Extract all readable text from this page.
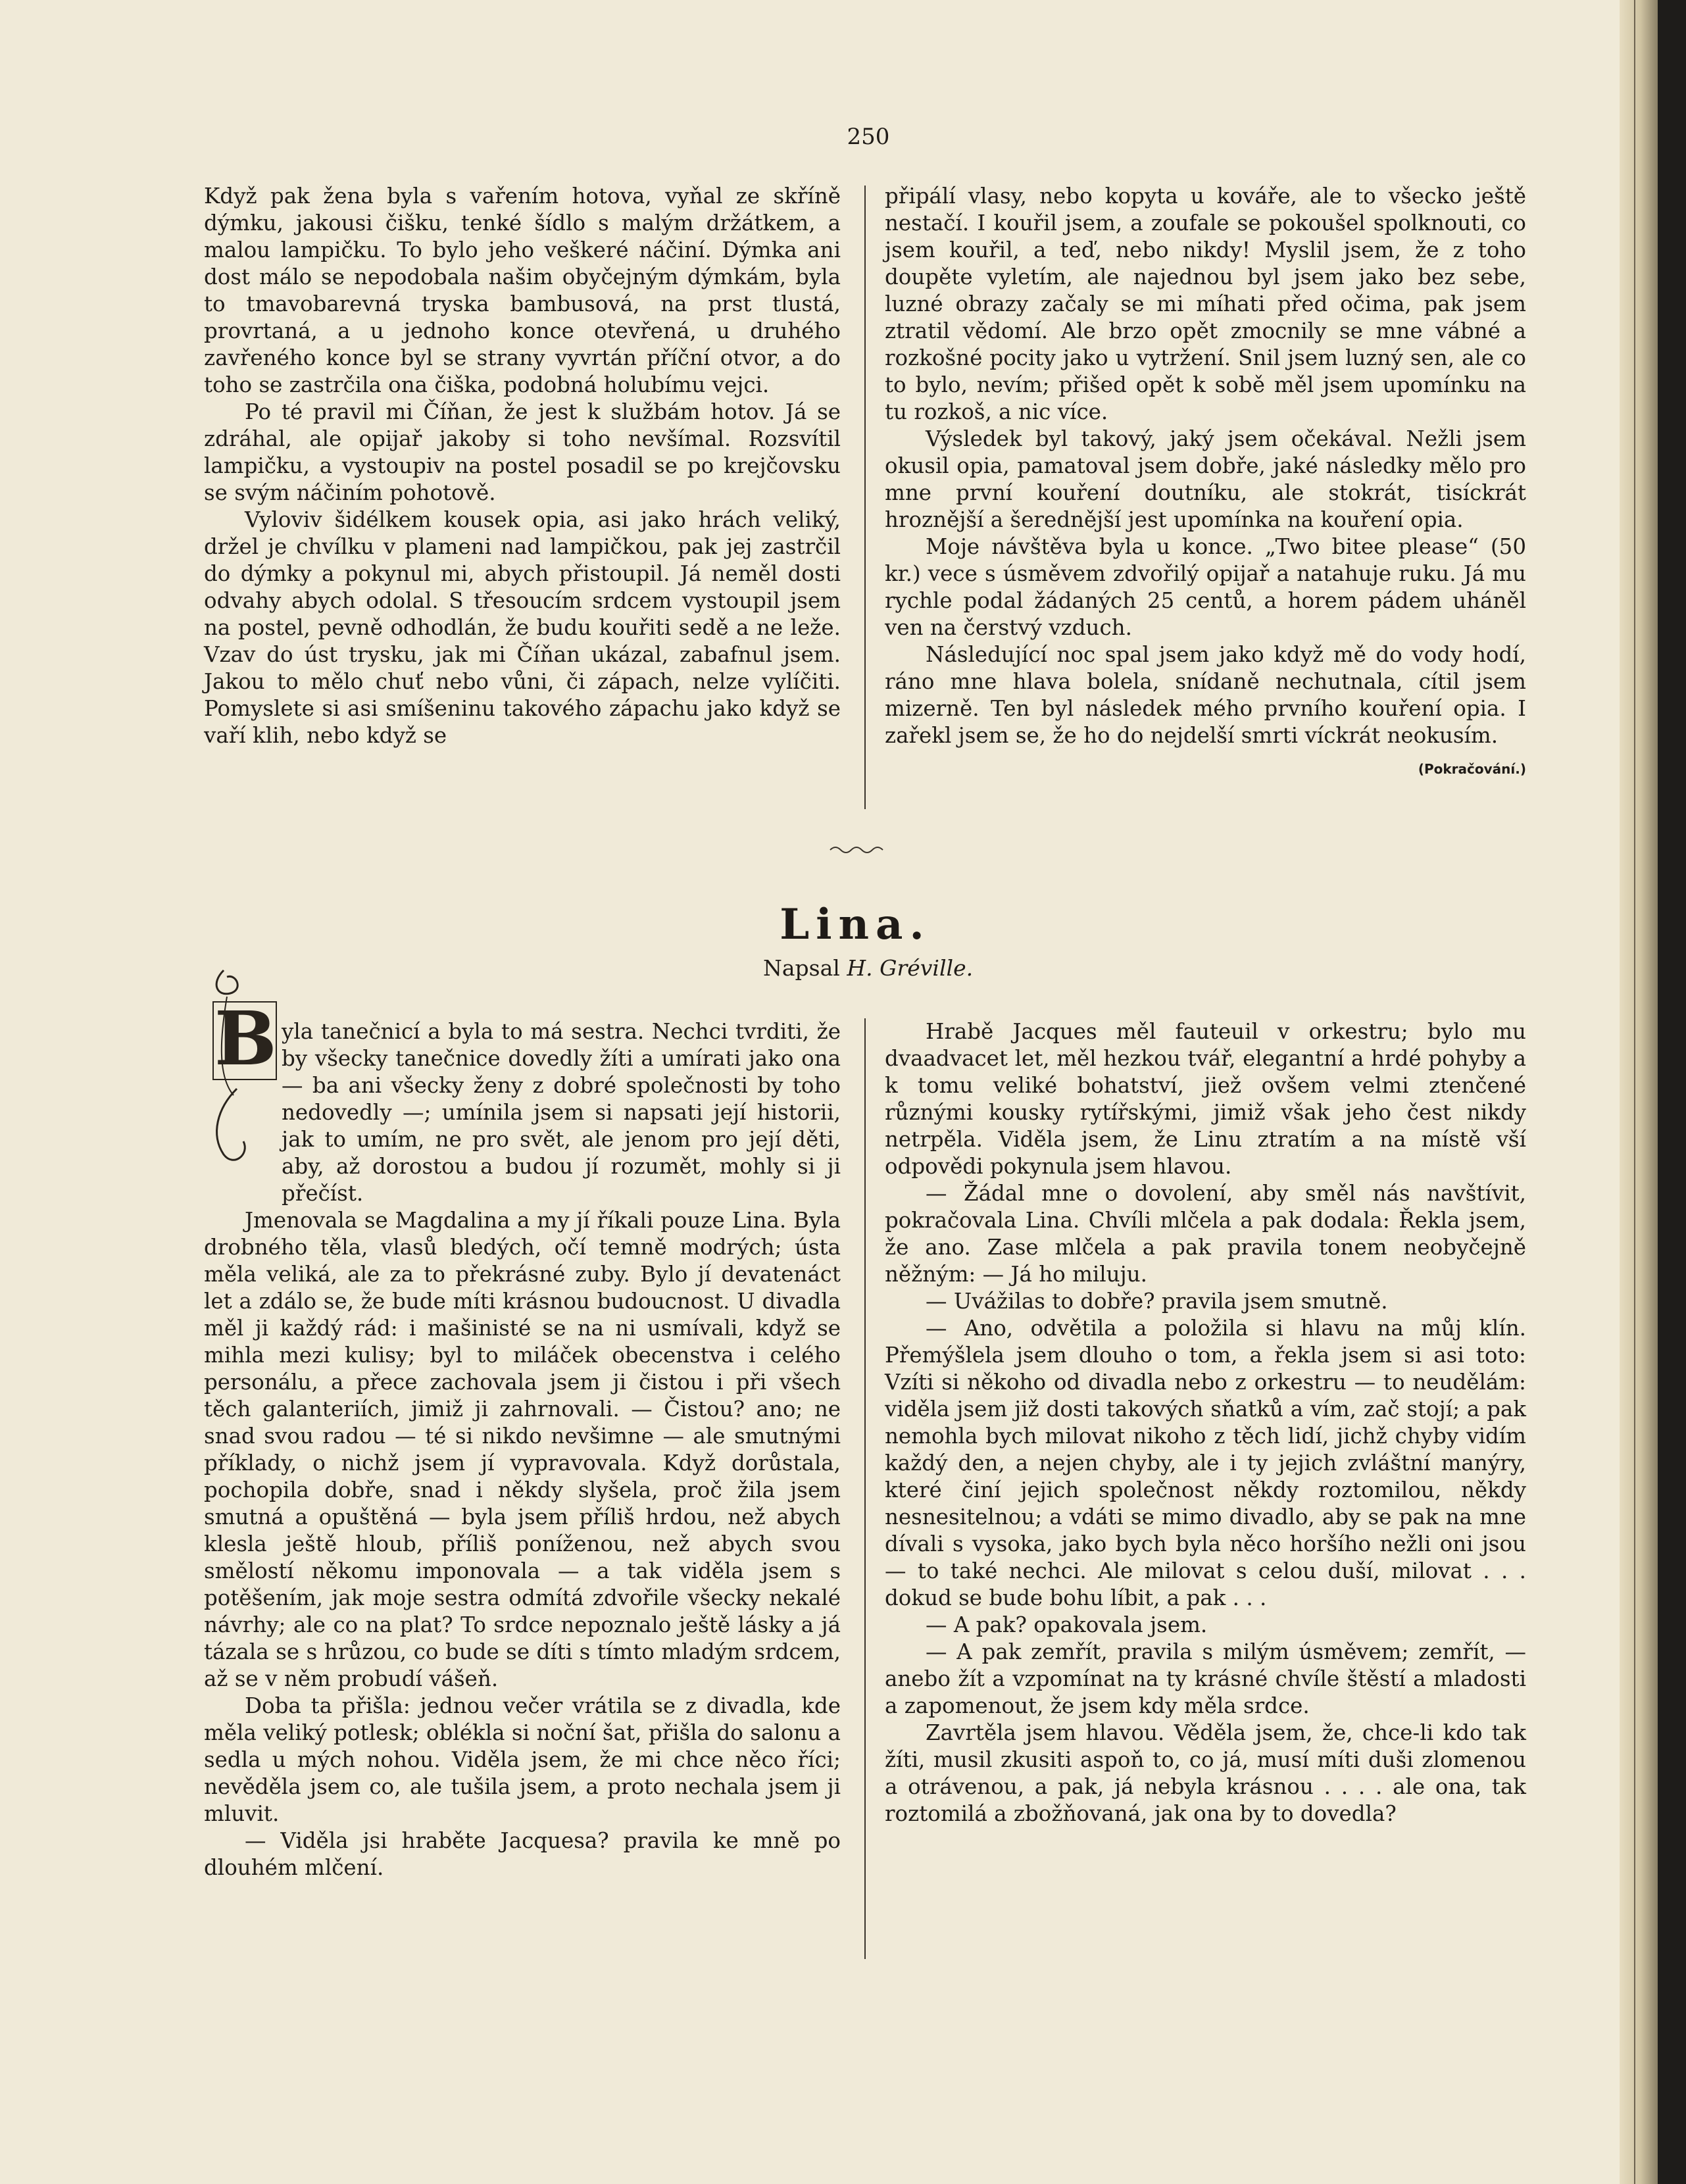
250

Když pak žena byla s vařením hotova, vyňal ze skříně dýmku, jakousi čišku, tenké šídlo s malým držátkem, a malou lampičku. To bylo jeho veškeré náčiní. Dýmka ani dost málo se nepodobala našim obyčejným dýmkám, byla to tmavobarevná tryska bambusová, na prst tlustá, provrtaná, a u jednoho konce otevřená, u druhého zavřeného konce byl se strany vyvrtán příční otvor, a do toho se zastrčila ona čiška, podobná holubímu vejci.

Po té pravil mi Číňan, že jest k službám hotov. Já se zdráhal, ale opijař jakoby si toho nevšímal. Rozsvítil lampičku, a vystoupiv na postel posadil se po krejčovsku se svým náčiním pohotově.

Vyloviv šidélkem kousek opia, asi jako hrách veliký, držel je chvílku v plameni nad lampičkou, pak jej zastrčil do dýmky a pokynul mi, abych přistoupil. Já neměl dosti odvahy abych odolal. S třesoucím srdcem vystoupil jsem na postel, pevně odhodlán, že budu kouřiti sedě a ne leže. Vzav do úst trysku, jak mi Číňan ukázal, zabafnul jsem. Jakou to mělo chuť nebo vůni, či zápach, nelze vylíčiti. Pomyslete si asi smíšeninu takového zápachu jako když se vaří klih, nebo když se

připálí vlasy, nebo kopyta u kováře, ale to všecko ještě nestačí. I kouřil jsem, a zoufale se pokoušel spolknouti, co jsem kouřil, a teď, nebo nikdy! Myslil jsem, že z toho doupěte vyletím, ale najednou byl jsem jako bez sebe, luzné obrazy začaly se mi míhati před očima, pak jsem ztratil vědomí. Ale brzo opět zmocnily se mne vábné a rozkošné pocity jako u vytržení. Snil jsem luzný sen, ale co to bylo, nevím; přišed opět k sobě měl jsem upomínku na tu rozkoš, a nic více.

Výsledek byl takový, jaký jsem očekával. Nežli jsem okusil opia, pamatoval jsem dobře, jaké následky mělo pro mne první kouření doutníku, ale stokrát, tisíckrát hroznější a šerednější jest upomínka na kouření opia.

Moje návštěva byla u konce. „Two bitee please“ (50 kr.) vece s úsměvem zdvořilý opijař a natahuje ruku. Já mu rychle podal žádaných 25 centů, a horem pádem uháněl ven na čerstvý vzduch.

Následující noc spal jsem jako když mě do vody hodí, ráno mne hlava bolela, snídaně nechutnala, cítil jsem mizerně. Ten byl následek mého prvního kouření opia. I zařekl jsem se, že ho do nejdelší smrti víckrát neokusím.
(Pokračování.)

Lina.
Napsal H. Gréville.
B yla tanečnicí a byla to má sestra. Nechci tvrditi, že by všecky tanečnice dovedly žíti a umírati jako ona — ba ani všecky ženy z dobré společnosti by toho nedovedly —; umínila jsem si napsati její historii, jak to umím, ne pro svět, ale jenom pro její děti, aby, až dorostou a budou jí rozumět, mohly si ji přečíst.

Jmenovala se Magdalina a my jí říkali pouze Lina. Byla drobného těla, vlasů bledých, očí temně modrých; ústa měla veliká, ale za to překrásné zuby. Bylo jí devatenáct let a zdálo se, že bude míti krásnou budoucnost. U divadla měl ji každý rád: i mašinisté se na ni usmívali, když se mihla mezi kulisy; byl to miláček obecenstva i celého personálu, a přece zachovala jsem ji čistou i při všech těch galanteriích, jimiž ji zahrnovali. — Čistou? ano; ne snad svou radou — té si nikdo nevšimne — ale smutnými příklady, o nichž jsem jí vypravovala. Když dorůstala, pochopila dobře, snad i někdy slyšela, proč žila jsem smutná a opuštěná — byla jsem příliš hrdou, než abych klesla ještě hloub, příliš poníženou, než abych svou smělostí někomu imponovala — a tak viděla jsem s potěšením, jak moje sestra odmítá zdvořile všecky nekalé návrhy; ale co na plat? To srdce nepoznalo ještě lásky a já tázala se s hrůzou, co bude se díti s tímto mladým srdcem, až se v něm probudí vášeň.

Doba ta přišla: jednou večer vrátila se z divadla, kde měla veliký potlesk; oblékla si noční šat, přišla do salonu a sedla u mých nohou. Viděla jsem, že mi chce něco říci; nevěděla jsem co, ale tušila jsem, a proto nechala jsem ji mluvit.

— Viděla jsi hraběte Jacquesa? pravila ke mně po dlouhém mlčení.

Hrabě Jacques měl fauteuil v orkestru; bylo mu dvaadvacet let, měl hezkou tvář, elegantní a hrdé pohyby a k tomu veliké bohatství, jiež ovšem velmi ztenčené různými kousky rytířskými, jimiž však jeho čest nikdy netrpěla. Viděla jsem, že Linu ztratím a na místě vší odpovědi pokynula jsem hlavou.

— Žádal mne o dovolení, aby směl nás navštívit, pokračovala Lina. Chvíli mlčela a pak dodala: Řekla jsem, že ano. Zase mlčela a pak pravila tonem neobyčejně něžným: — Já ho miluju.

— Uvážilas to dobře? pravila jsem smutně.

— Ano, odvětila a položila si hlavu na můj klín. Přemýšlela jsem dlouho o tom, a řekla jsem si asi toto: Vzíti si někoho od divadla nebo z orkestru — to neudělám: viděla jsem již dosti takových sňatků a vím, zač stojí; a pak nemohla bych milovat nikoho z těch lidí, jichž chyby vidím každý den, a nejen chyby, ale i ty jejich zvláštní manýry, které činí jejich společnost někdy roztomilou, někdy nesnesitelnou; a vdáti se mimo divadlo, aby se pak na mne dívali s vysoka, jako bych byla něco horšího nežli oni jsou — to také nechci. Ale milovat s celou duší, milovat . . . dokud se bude bohu líbit, a pak . . .

— A pak? opakovala jsem.

— A pak zemřít, pravila s milým úsměvem; zemřít, — anebo žít a vzpomínat na ty krásné chvíle štěstí a mladosti a zapomenout, že jsem kdy měla srdce.

Zavrtěla jsem hlavou. Věděla jsem, že, chce-li kdo tak žíti, musil zkusiti aspoň to, co já, musí míti duši zlomenou a otrávenou, a pak, já nebyla krásnou . . . . ale ona, tak roztomilá a zbožňovaná, jak ona by to dovedla?
